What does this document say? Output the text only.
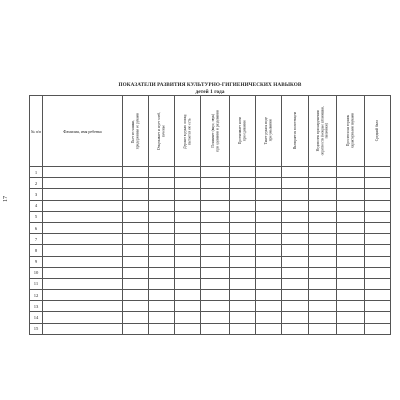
ПОКАЗАТЕЛИ РАЗВИТИЯ КУЛЬТУРНО-ГИГИЕНИЧЕСКИХ НАВЫКОВ
детей 1 года
17
№ п/п	Фамилия, имя ребенка	Пьет из чашки,
придерживая ее руками	Откусывает и жует хлеб,
печенье	Держит в руках ложку,
пытается ею есть	Понимает (вкус, звук)
при одевании и раздевании	Протягивает ноги
при одевании	Тянет руки к воде
при умывании	Вытирается полотенцем	Недоволен при нарушении
опрятности (мокрые штанишки,
пальчики)	Просится на горшок
характерными звуками	Средний балл

1											
2											
3											
4											
5											
6											
7											
8											
9											
10											
11											
12											
13											
14											
15											
